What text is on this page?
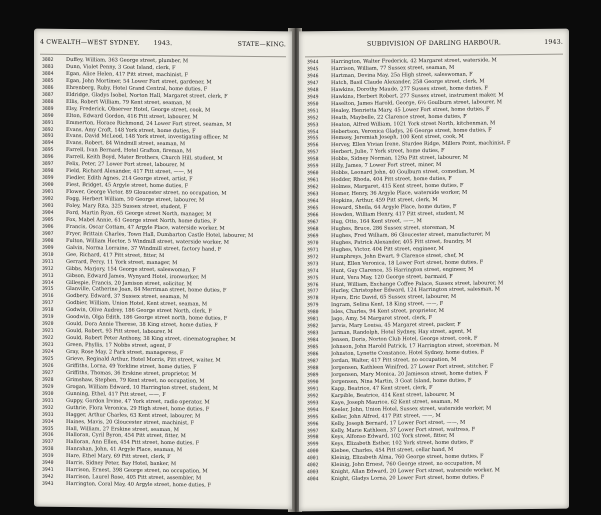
4 CWEALTH—WEST SYDNEY.	1943.	STATE—KING.
3882	Duffey, William, 363 George street, plumber, M
3883	Dunn, Violet Penny, 3 Goat Island, clerk, F
3884	Egan, Alice Helen, 417 Pitt street, machinist, F
3885	Egan, John Mortimer, 54 Lower Fort street, gardener, M
3886	Ehrenberg, Ruby, Hotel Grand Central, home duties, F
3887	Eldridge, Gladys Isobel, Norton Hall, Margaret street, clerk, F
3888	Ellis, Robert William, 79 Kent street, seaman, M
3889	Elsy, Frederick, Observer Hotel, George street, cook, M
3890	Elton, Edward Gordon, 416 Pitt street, labourer, M
3891	Emmerton, Horace Richmond, 24 Lower Fort street, seaman, M
3892	Evans, Amy Croft, 148 York street, home duties, F
3893	Evans, David McLeod, 148 York street, investigating officer, M
3894	Evans, Robert, 84 Windmill street, seaman, M
3895	Farrell, Ivan Bernard, Hotel Grafton, fireman, M
3896	Farrell, Keith Boyd, Mater Brothers, Church Hill, student, M
3897	Felix, Peter, 27 Lower Fort street, labourer, M
3898	Field, Richard Alexander, 417 Pitt street, ——, M
3899	Fiedler, Edith Agnes, 214 George street, artist, F
3900	Fiest, Bridget, 45 Argyle street, home duties, F
3901	Flower, George Victor, 89 Gloucester street, no occupation, M
3902	Fogg, Herbert William, 50 George street, labourer, M
3903	Foley, Mary Rita, 325 Sussex street, student, F
3904	Ford, Martin Ryan, 65 George street North, manager, M
3905	Fox, Mabel Annie, 61 George street North, home duties, F
3906	Francis, Oscar Cottam, 47 Argyle Place, waterside worker, M
3907	Fryer, Brittain Charles, Town Hall, Dumbarton Castle Hotel, labourer, M
3908	Fulton, William Hector, 5 Windmill street, waterside worker, M
3909	Galvin, Norma Lorraine, 37 Windmill street, factory hand, F
3910	Gee, Richard, 417 Pitt street, fitter, M
3911	Gerrard, Percy, 11 York street, manager, M
3912	Gibbs, Marjory, 154 George street, saleswoman, F
3913	Gibson, Edward James, Wynyard Hotel, ironworker, M
3914	Gillespie, Francis, 20 Jamison street, solicitor, M
3915	Glanville, Catherine Joan, 84 Merriman street, home duties, F
3916	Godbery, Edward, 37 Sussex street, seaman, M
3917	Godbier, William, Union Hotel, Kent street, seaman, M
3918	Godwin, Olive Audrey, 186 George street North, clerk, F
3919	Goodwin, Olga Edith, 186 George street north, home duties, F
3920	Gould, Dora Annie Therese, 38 King street, home duties, F
3921	Gould, Robert, 93 Pitt street, labourer, M
3922	Gould, Robert Peter Anthony, 38 King street, cinematographer, M
3923	Green, Phyllis, 17 Nobbs street, agent, F
3924	Gray, Rose May, 2 Park street, manageress, F
3925	Grieve, Reginald Arthur, Hotel Morris, Pitt street, waiter, M
3926	Griffiths, Lorna, 49 Yorkline street, home duties, F
3927	Griffiths, Thomas, 36 Erskine street, proprietor, M
3928	Grimshaw, Stephen, 79 Kent street, no occupation, M
3929	Grogan, William Edward, 10 Harrington street, student, M
3930	Gunning, Ethel, 417 Pitt street, ——, F
3931	Guppy, Gordon Irvine, 47 York street, radio operator, M
3932	Guthrie, Flora Veronica, 29 High street, home duties, F
3933	Hagger, Arthur Charles, 63 Kent street, labourer, M
3934	Haines, Mavis, 20 Gloucester street, machinist, F
3935	Hall, William, 27 Erskine street, seaman, M
3936	Halloran, Cyril Byron, 454 Pitt street, fitter, M
3937	Halloran, Ann Ellen, 454 Pitt street, home duties, F
3938	Hanrahan, John, 41 Argyle Place, seaman, M
3939	Hare, Ethel Mary, 69 Pitt street, clerk, F
3940	Harris, Sidney Peter, Bay Hotel, banker, M
3941	Harrison, Ernest, 398 George street, no occupation, M
3942	Harrison, Laurel Rose, 405 Pitt street, assembler, M
3943	Harrington, Coral May, 40 Argyle street, home duties, F
SUBDIVISION OF DARLING HARBOUR.	1943.
3944	Harrington, Walter Frederick, 42 Margaret street, waterside, M
3945	Harrison, William, 77 Sussex street, seaman, M
3946	Hartman, Devina May, 25a High street, saleswoman, F
3947	Hatch, Basil Claude Alexander, 258 George street, clerk, M
3948	Hawkins, Dorothy Maude, 277 Sussex street, home duties, F
3949	Hawkins, Herbert Robert, 277 Sussex street, instrument maker, M
3950	Haselton, James Harold, George, 6½ Goulburn street, labourer, M
3951	Healey, Henrietta Mary, 45 Lower Fort street, home duties, F
3952	Heath, Maybelle, 22 Clarence street, home duties, F
3953	Heaton, Alfred William, 1021 York street North, kitchenman, M
3954	Hebertson, Veronica Gladys, 26 George street, home duties, F
3955	Hemsey, Jeremiah Joseph, 100 Kent street, cook, M
3956	Hervey, Ellen Vivian Irene, Sturdee Ridge, Millers Point, machinist, F
3957	Herbert, Julie, 7 York street, home duties, F
3958	Hobbs, Sidney Norman, 129a Pitt street, labourer, M
3959	Hilly, James, 7 Lower Fort street, miner, M
3960	Hobbs, Leonard John, 40 Goulburn street, comedian, M
3961	Hodder, Rhoda, 404 Pitt street, home duties, F
3962	Holmes, Margaret, 415 Kent street, home duties, F
3963	Homer, Henry, 36 Argyle Place, waterside worker, M
3964	Hopkins, Arthur, 459 Pitt street, clerk, M
3965	Howard, Sheila, 64 Argyle Place, home duties, F
3966	Howden, William Henry, 417 Pitt street, student, M
3967	Hug, Otto, 164 Kent street, ——, M
3968	Hughes, Bruce, 286 Sussex street, storeman, M
3969	Hughes, Fred William, 86 Gloucester street, manufacturer, M
3970	Hughes, Patrick Alexander, 405 Pitt street, foundry, M
3971	Hughes, Victor, 404 Pitt street, engineer, M
3972	Humphreys, John Ewart, 9 Clarence street, chef, M
3973	Hunt, Ellen Veronica, 18 Lower Fort street, home duties, F
3974	Hunt, Guy Clarence, 35 Harrington street, engineer, M
3975	Hunt, Vera May, 120 George street, barmaid, F
3976	Hunt, William, Exchange Coffee Palace, Sussex street, labourer, M
3977	Hurley, Christopher Edward, 124 Harrington street, salesman, M
3978	Hyers, Eric David, 65 Sussex street, labourer, M
3979	Ingram, Selina Kent, 18 King street, ——, F
3980	Isles, Charles, 94 Kent street, proprietor, M
3981	Jago, Amy, 54 Margaret street, clerk, F
3982	Jarvis, Mary Louisa, 45 Margaret street, packer, F
3983	Jarman, Randolph, Hotel Sydney, Hay street, agent, M
3984	Jensen, Doris, Norton Club Hotel, George street, cook, F
3985	Johnson, John Harold Patrick, 17 Harrington street, storeman, M
3986	Johnston, Lynette Constance, Hotel Sydney, home duties, F
3987	Jordan, Walter, 417 Pitt street, no occupation, M
3988	Jorgensen, Kathleen Winifred, 27 Lower Fort street, stitcher, F
3989	Jorgensen, Mary Monica, 20 Jamieson street, home duties, F
3990	Jorgensen, Nina Martin, 3 Goat Island, home duties, F
3991	Kapp, Beatrice, 47 Kent street, clerk, F
3992	Karpible, Beatrice, 414 Kent street, labourer, M
3993	Kaye, Joseph Maurice, 62 Kent street, seaman, M
3994	Keeler, John, Union Hotel, Sussex street, waterside worker, M
3995	Keller, John Alfred, 417 Pitt street, ——, M
3996	Kelly, Joseph Bernard, 17 Lower Fort street, ——, M
3997	Kelly, Marie Kathleen, 37 Lower Fort street, waitress, F
3998	Keys, Alfonso Edward, 102 York street, fitter, M
3999	Keys, Elizabeth Esther, 102 York street, home duties, F
4000	Kiebee, Charles, 454 Pitt street, cellar hand, M
4001	Kleinig, Elizabeth Alma, 760 George street, home duties, F
4002	Kleinig, John Ernest, 760 George street, no occupation, M
4003	Knight, Allan Edward, 20 Lower Fort street, waterside worker, M
4004	Knight, Gladys Lorna, 20 Lower Fort street, home duties, F
